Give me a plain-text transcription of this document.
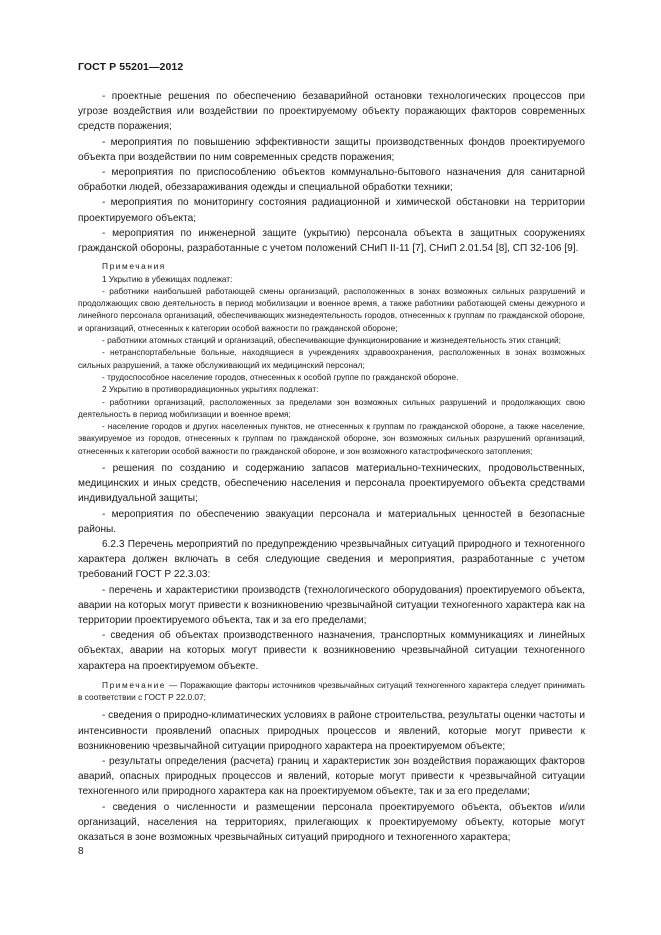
ГОСТ Р 55201—2012

- проектные решения по обеспечению безаварийной остановки технологических процессов при угрозе воздействия или воздействии по проектируемому объекту поражающих факторов современных средств поражения;

- мероприятия по повышению эффективности защиты производственных фондов проектируемого объекта при воздействии по ним современных средств поражения;

- мероприятия по приспособлению объектов коммунально-бытового назначения для санитарной обработки людей, обеззараживания одежды и специальной обработки техники;

- мероприятия по мониторингу состояния радиационной и химической обстановки на территории проектируемого объекта;

- мероприятия по инженерной защите (укрытию) персонала объекта в защитных сооружениях гражданской обороны, разработанные с учетом положений СНиП II-11 [7], СНиП 2.01.54 [8], СП 32-106 [9].

Примечания

1 Укрытию в убежищах подлежат:

- работники наибольшей работающей смены организаций, расположенных в зонах возможных сильных разрушений и продолжающих свою деятельность в период мобилизации и военное время, а также работники работающей смены дежурного и линейного персонала организаций, обеспечивающих жизнедеятельность городов, отнесенных к группам по гражданской обороне, и организаций, отнесенных к категории особой важности по гражданской обороне;

- работники атомных станций и организаций, обеспечивающие функционирование и жизнедеятельность этих станций;

- нетранспортабельные больные, находящиеся в учреждениях здравоохранения, расположенных в зонах возможных сильных разрушений, а также обслуживающий их медицинский персонал;

- трудоспособное население городов, отнесенных к особой группе по гражданской обороне.

2 Укрытию в противорадиационных укрытиях подлежат:

- работники организаций, расположенных за пределами зон возможных сильных разрушений и продолжающих свою деятельность в период мобилизации и военное время;

- население городов и других населенных пунктов, не отнесенных к группам по гражданской обороне, а также население, эвакуируемое из городов, отнесенных к группам по гражданской обороне, зон возможных сильных разрушений организаций, отнесенных к категории особой важности по гражданской обороне, и зон возможного катастрофического затопления;

- решения по созданию и содержанию запасов материально-технических, продовольственных, медицинских и иных средств, обеспечению населения и персонала проектируемого объекта средствами индивидуальной защиты;

- мероприятия по обеспечению эвакуации персонала и материальных ценностей в безопасные районы.

6.2.3 Перечень мероприятий по предупреждению чрезвычайных ситуаций природного и техногенного характера должен включать в себя следующие сведения и мероприятия, разработанные с учетом требований ГОСТ Р 22.3.03:

- перечень и характеристики производств (технологического оборудования) проектируемого объекта, аварии на которых могут привести к возникновению чрезвычайной ситуации техногенного характера как на территории проектируемого объекта, так и за его пределами;

- сведения об объектах производственного назначения, транспортных коммуникациях и линейных объектах, аварии на которых могут привести к возникновению чрезвычайной ситуации техногенного характера на проектируемом объекте.

Примечание — Поражающие факторы источников чрезвычайных ситуаций техногенного характера следует принимать в соответствии с ГОСТ Р 22.0.07;

- сведения о природно-климатических условиях в районе строительства, результаты оценки частоты и интенсивности проявлений опасных природных процессов и явлений, которые могут привести к возникновению чрезвычайной ситуации природного характера на проектируемом объекте;

- результаты определения (расчета) границ и характеристик зон воздействия поражающих факторов аварий, опасных природных процессов и явлений, которые могут привести к чрезвычайной ситуации техногенного или природного характера как на проектируемом объекте, так и за его пределами;

- сведения о численности и размещении персонала проектируемого объекта, объектов и/или организаций, населения на территориях, прилегающих к проектируемому объекту, которые могут оказаться в зоне возможных чрезвычайных ситуаций природного и техногенного характера;

8
